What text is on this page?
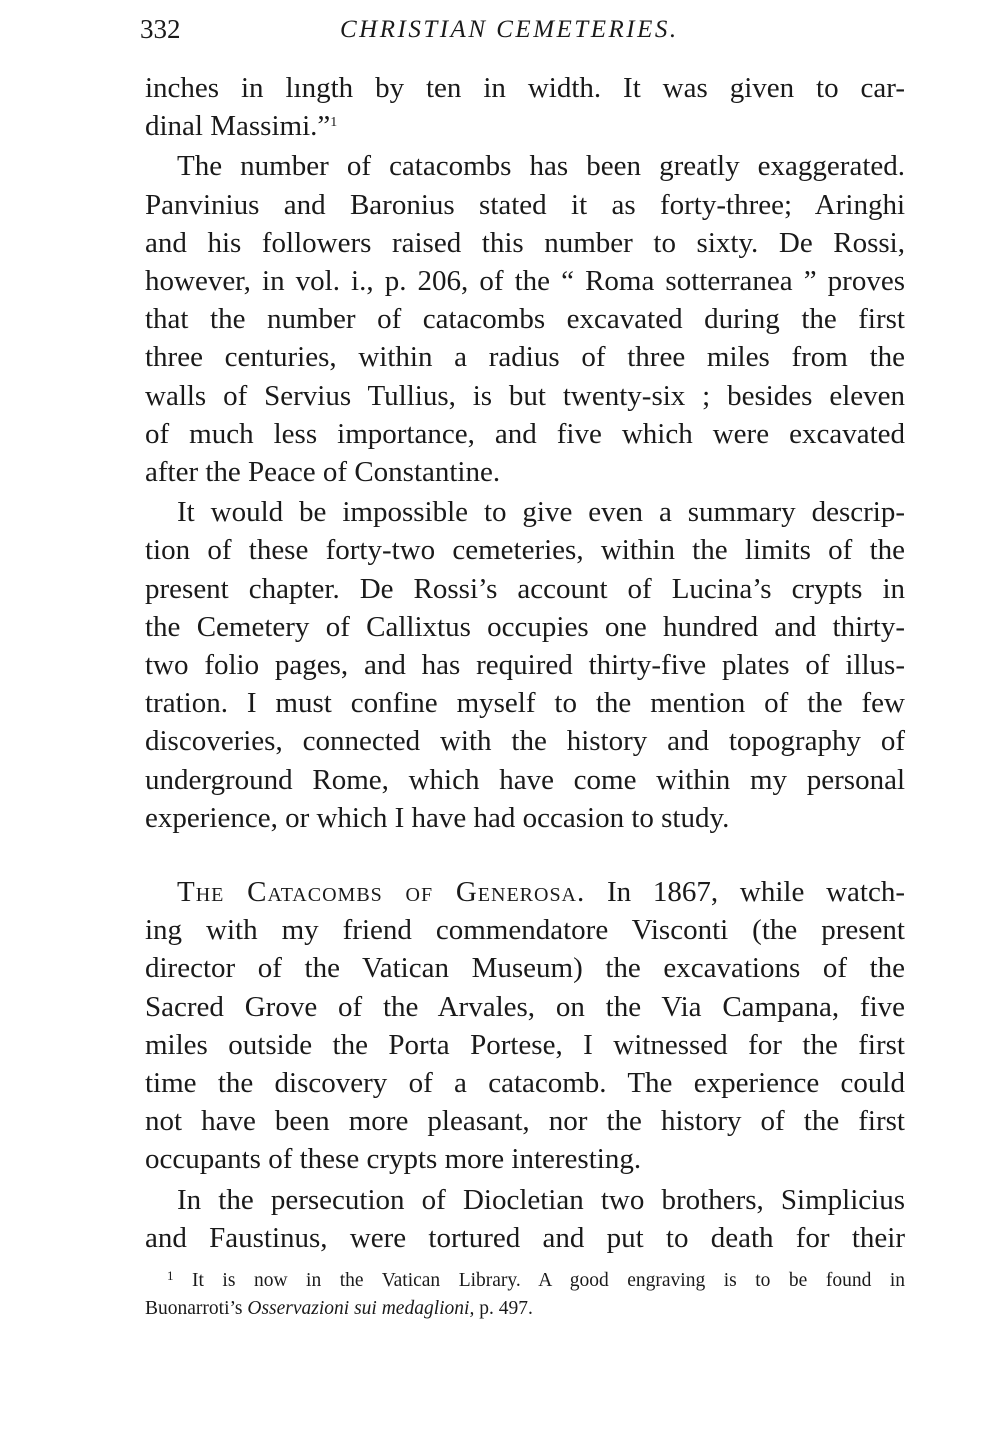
332	CHRISTIAN CEMETERIES.

inches in lıngth by ten in width. It was given to car-

dinal Massimi.”$^1$

The number of catacombs has been greatly exaggerated.

Panvinius and Baronius stated it as forty-three; Aringhi

and his followers raised this number to sixty. De Rossi,

however, in vol. i., p. 206, of the “ Roma sotterranea ” proves

that the number of catacombs excavated during the first

three centuries, within a radius of three miles from the

walls of Servius Tullius, is but twenty-six ; besides eleven

of much less importance, and five which were excavated

after the Peace of Constantine.

It would be impossible to give even a summary descrip-

tion of these forty-two cemeteries, within the limits of the

present chapter. De Rossi’s account of Lucina’s crypts in

the Cemetery of Callixtus occupies one hundred and thirty-

two folio pages, and has required thirty-five plates of illus-

tration. I must confine myself to the mention of the few

discoveries, connected with the history and topography of

underground Rome, which have come within my personal

experience, or which I have had occasion to study.

The Catacombs of Generosa. In 1867, while watch-

ing with my friend commendatore Visconti (the present

director of the Vatican Museum) the excavations of the

Sacred Grove of the Arvales, on the Via Campana, five

miles outside the Porta Portese, I witnessed for the first

time the discovery of a catacomb. The experience could

not have been more pleasant, nor the history of the first

occupants of these crypts more interesting.

In the persecution of Diocletian two brothers, Simplicius

and Faustinus, were tortured and put to death for their

$^1$ It is now in the Vatican Library. A good engraving is to be found in

Buonarroti’s Osservazioni sui medaglioni, p. 497.
